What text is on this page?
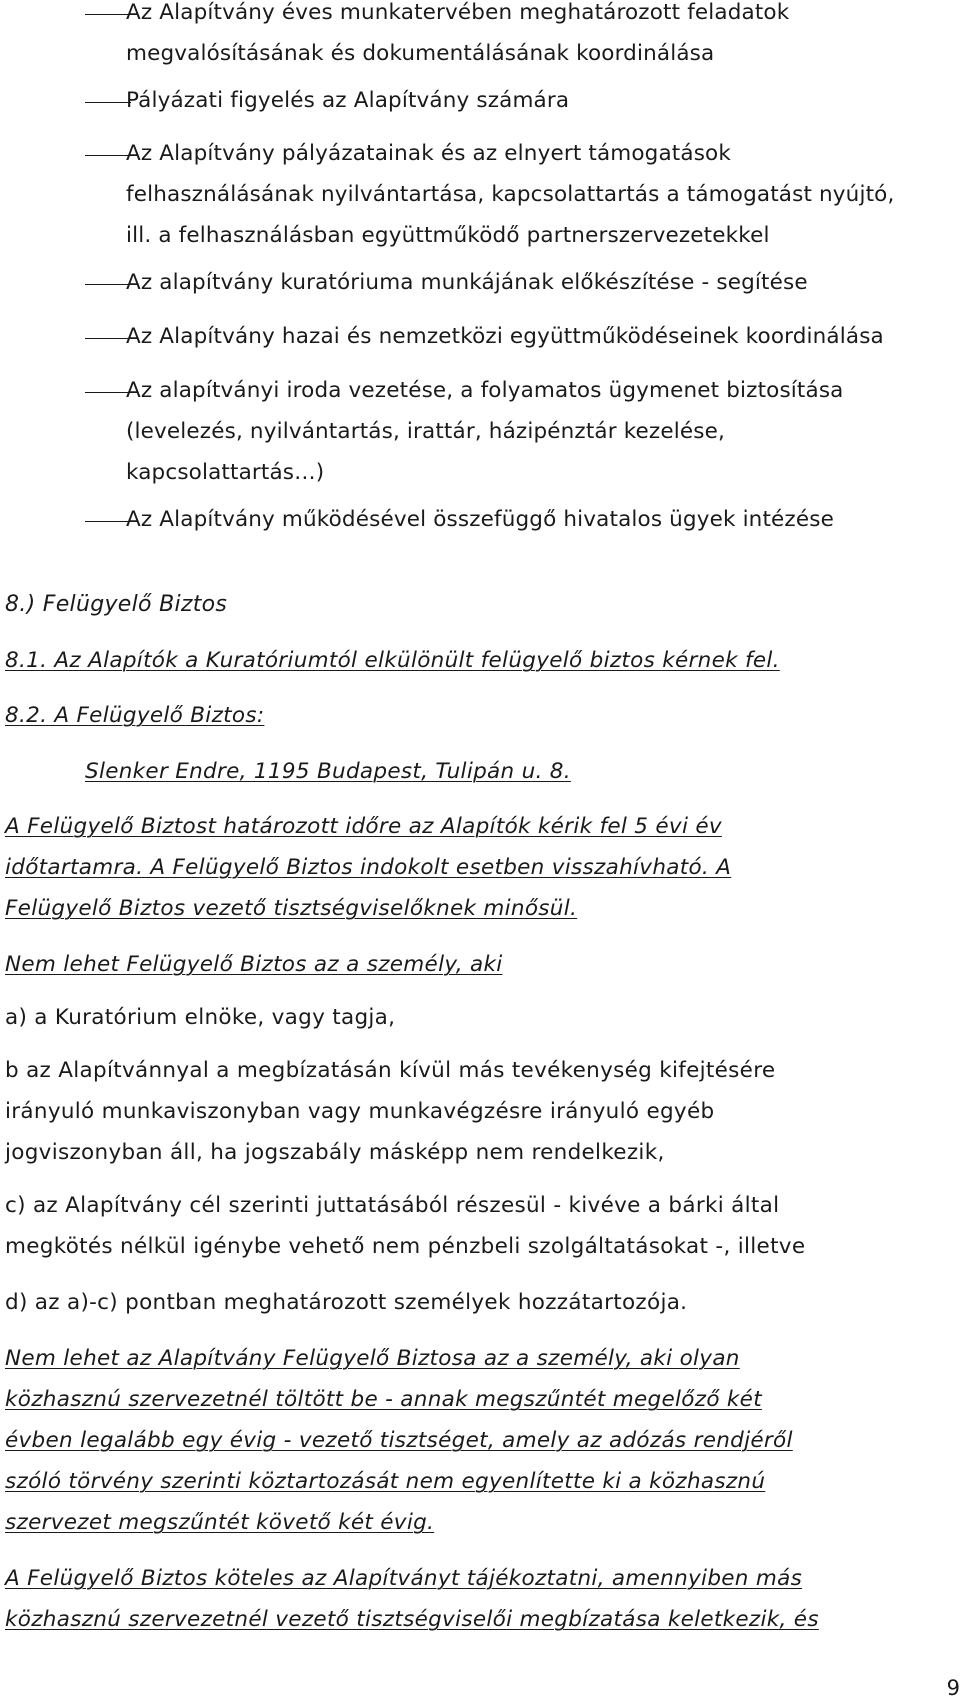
Az Alapítvány éves munkatervében meghatározott feladatok
megvalósításának és dokumentálásának koordinálása
Pályázati figyelés az Alapítvány számára
Az Alapítvány pályázatainak és az elnyert támogatások
felhasználásának nyilvántartása, kapcsolattartás a támogatást nyújtó,
ill. a felhasználásban együttműködő partnerszervezetekkel
Az alapítvány kuratóriuma munkájának előkészítése - segítése
Az Alapítvány hazai és nemzetközi együttműködéseinek koordinálása
Az alapítványi iroda vezetése, a folyamatos ügymenet biztosítása
(levelezés, nyilvántartás, irattár, házipénztár kezelése,
kapcsolattartás…)
Az Alapítvány működésével összefüggő hivatalos ügyek intézése
8.) Felügyelő Biztos
8.1. Az Alapítók a Kuratóriumtól elkülönült felügyelő biztos kérnek fel.
8.2. A Felügyelő Biztos:
Slenker Endre, 1195 Budapest, Tulipán u. 8.
A Felügyelő Biztost határozott időre az Alapítók kérik fel 5 évi év
időtartamra. A Felügyelő Biztos indokolt esetben visszahívható. A
Felügyelő Biztos vezető tisztségviselőknek minősül.
Nem lehet Felügyelő Biztos az a személy, aki
a) a Kuratórium elnöke, vagy tagja,
b az Alapítvánnyal a megbízatásán kívül más tevékenység kifejtésére
irányuló munkaviszonyban vagy munkavégzésre irányuló egyéb
jogviszonyban áll, ha jogszabály másképp nem rendelkezik,
c) az Alapítvány cél szerinti juttatásából részesül - kivéve a bárki által
megkötés nélkül igénybe vehető nem pénzbeli szolgáltatásokat -, illetve
d) az a)-c) pontban meghatározott személyek hozzátartozója.
Nem lehet az Alapítvány Felügyelő Biztosa az a személy, aki olyan
közhasznú szervezetnél töltött be - annak megszűntét megelőző két
évben legalább egy évig - vezető tisztséget, amely az adózás rendjéről
szóló törvény szerinti köztartozását nem egyenlítette ki a közhasznú
szervezet megszűntét követő két évig.
A Felügyelő Biztos köteles az Alapítványt tájékoztatni, amennyiben más
közhasznú szervezetnél vezető tisztségviselői megbízatása keletkezik, és
9
